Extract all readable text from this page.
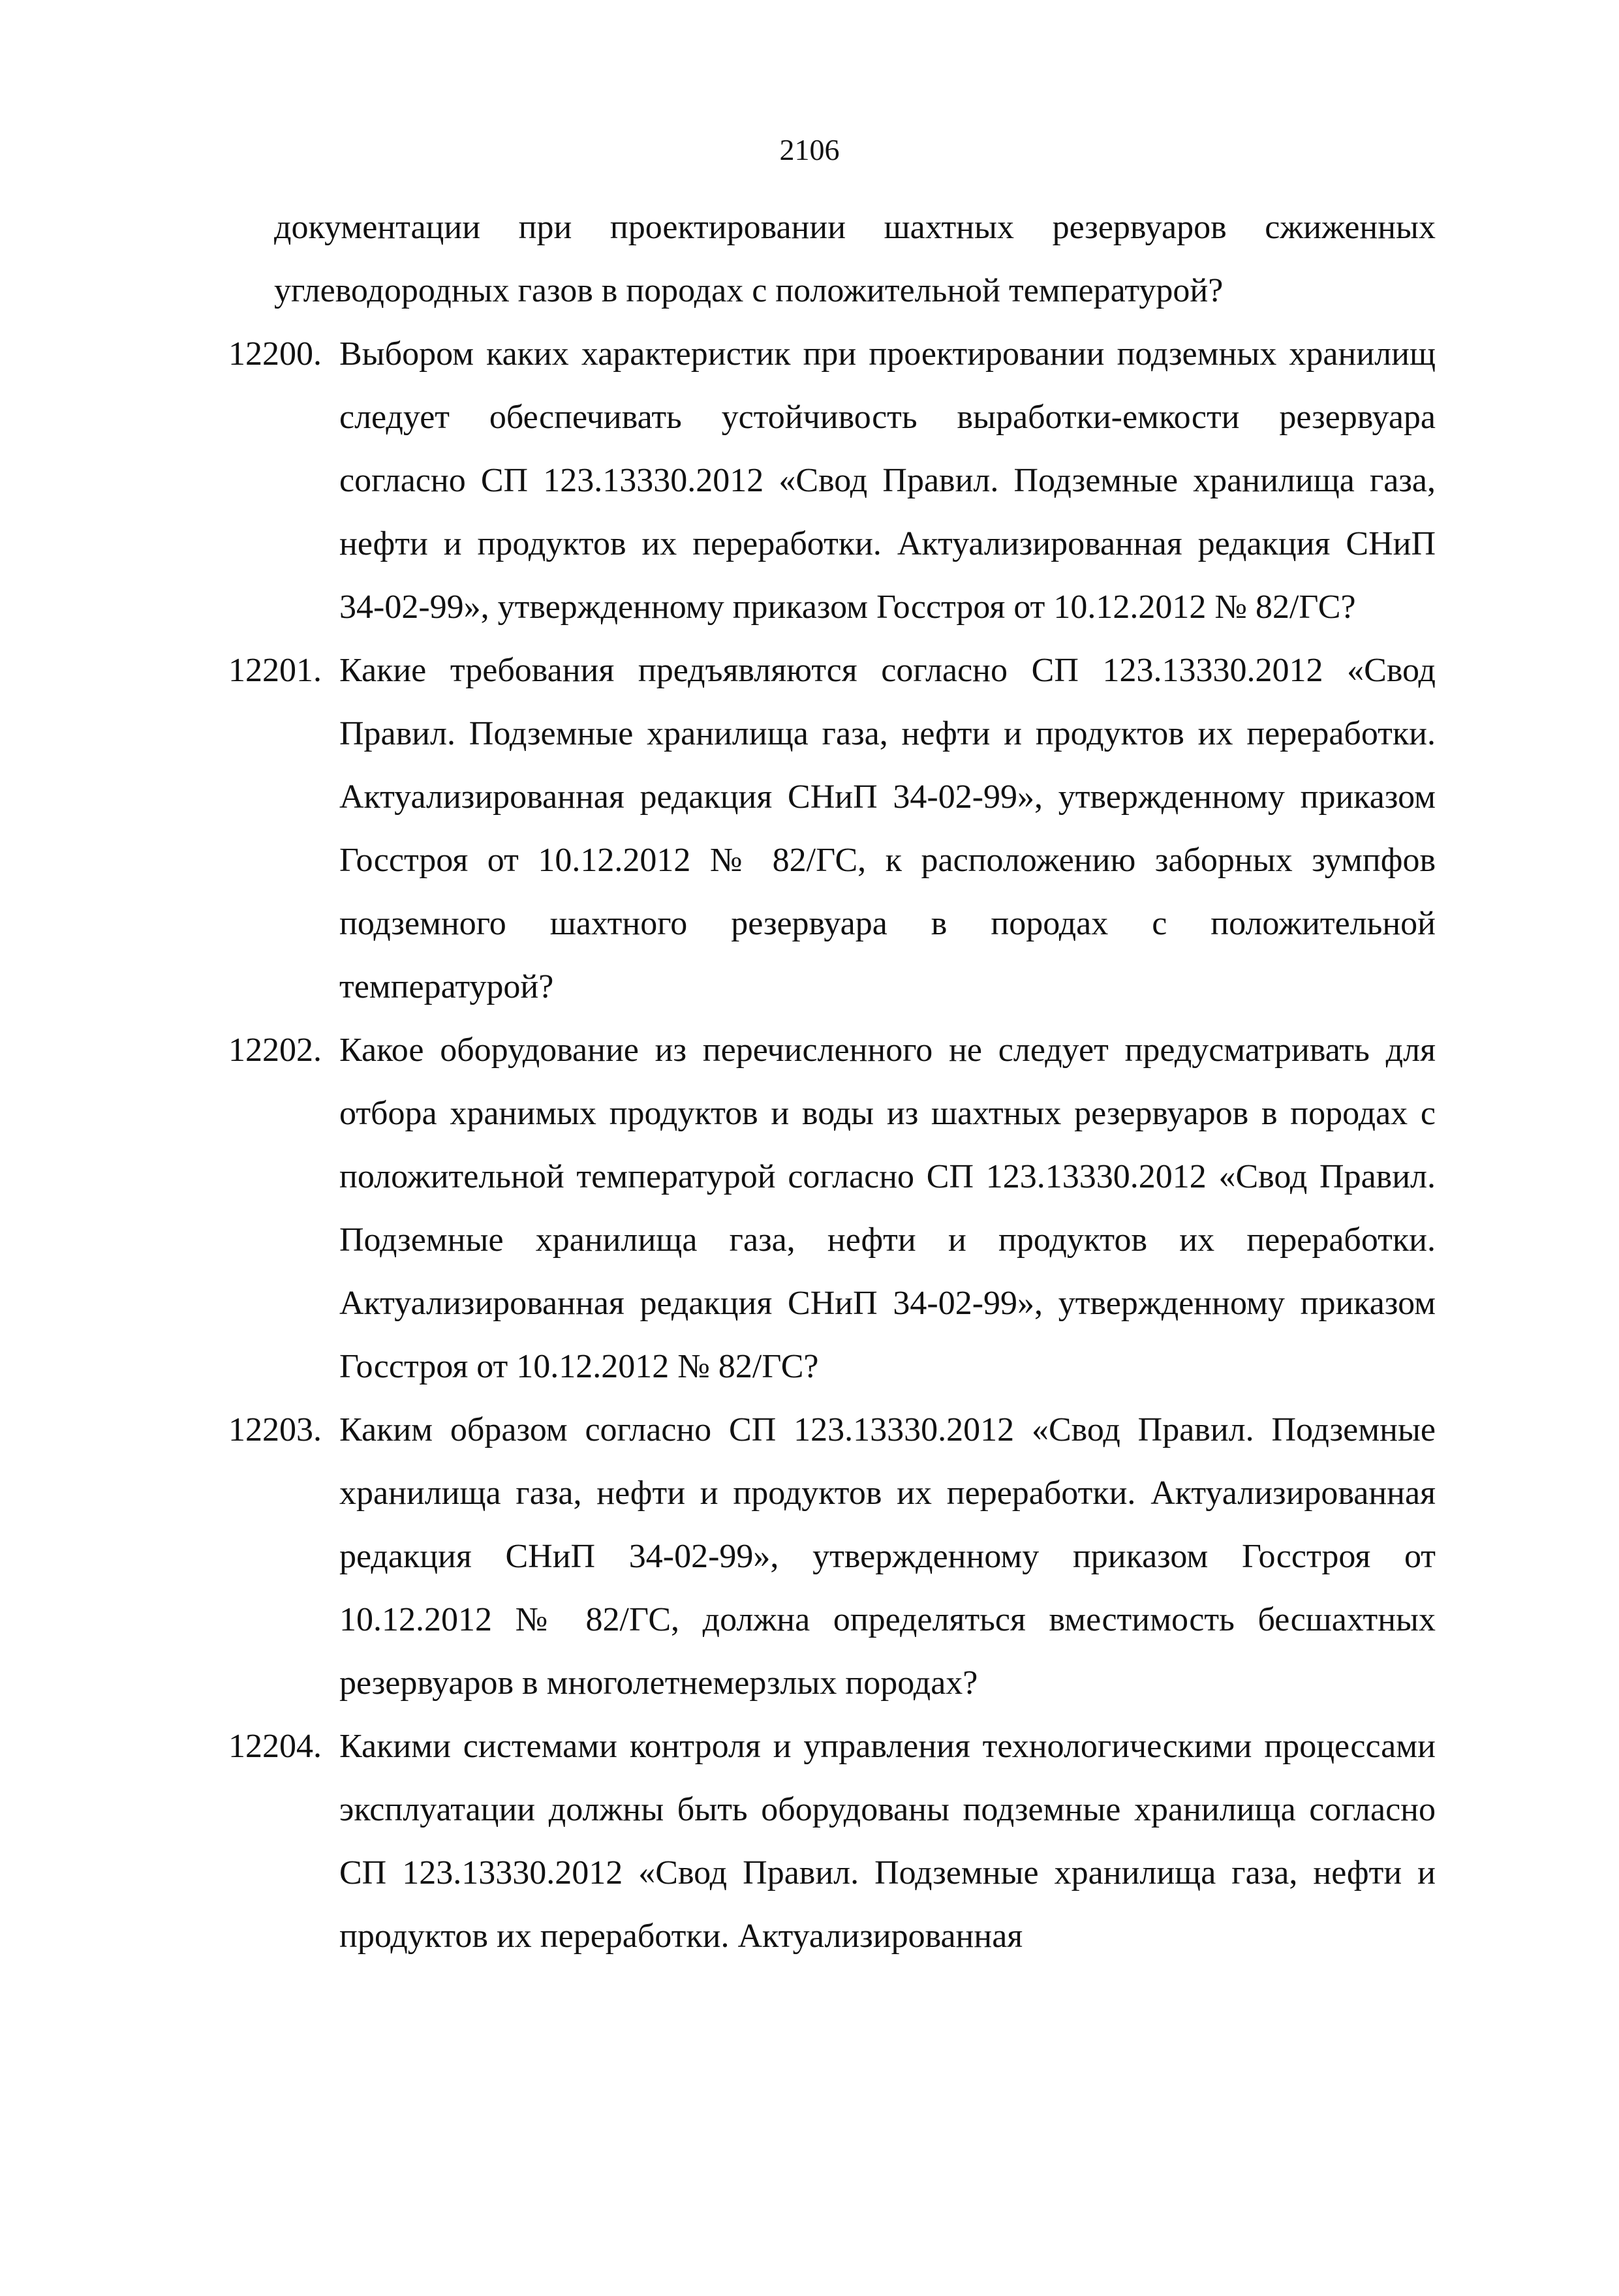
2106

документации при проектировании шахтных резервуаров сжиженных углеводородных газов в породах с положительной температурой?

12200. Выбором каких характеристик при проектировании подземных хранилищ следует обеспечивать устойчивость выработки-емкости резервуара согласно СП 123.13330.2012 «Свод Правил. Подземные хранилища газа, нефти и продуктов их переработки. Актуализированная редакция СНиП 34-02-99», утвержденному приказом Госстроя от 10.12.2012 № 82/ГС?

12201. Какие требования предъявляются согласно СП 123.13330.2012 «Свод Правил. Подземные хранилища газа, нефти и продуктов их переработки. Актуализированная редакция СНиП 34-02-99», утвержденному приказом Госстроя от 10.12.2012 № 82/ГС, к расположению заборных зумпфов подземного шахтного резервуара в породах с положительной температурой?

12202. Какое оборудование из перечисленного не следует предусматривать для отбора хранимых продуктов и воды из шахтных резервуаров в породах с положительной температурой согласно СП 123.13330.2012 «Свод Правил. Подземные хранилища газа, нефти и продуктов их переработки. Актуализированная редакция СНиП 34-02-99», утвержденному приказом Госстроя от 10.12.2012 № 82/ГС?

12203. Каким образом согласно СП 123.13330.2012 «Свод Правил. Подземные хранилища газа, нефти и продуктов их переработки. Актуализированная редакция СНиП 34-02-99», утвержденному приказом Госстроя от 10.12.2012 № 82/ГС, должна определяться вместимость бесшахтных резервуаров в многолетнемерзлых породах?

12204. Какими системами контроля и управления технологическими процессами эксплуатации должны быть оборудованы подземные хранилища согласно СП 123.13330.2012 «Свод Правил. Подземные хранилища газа, нефти и продуктов их переработки. Актуализированная
